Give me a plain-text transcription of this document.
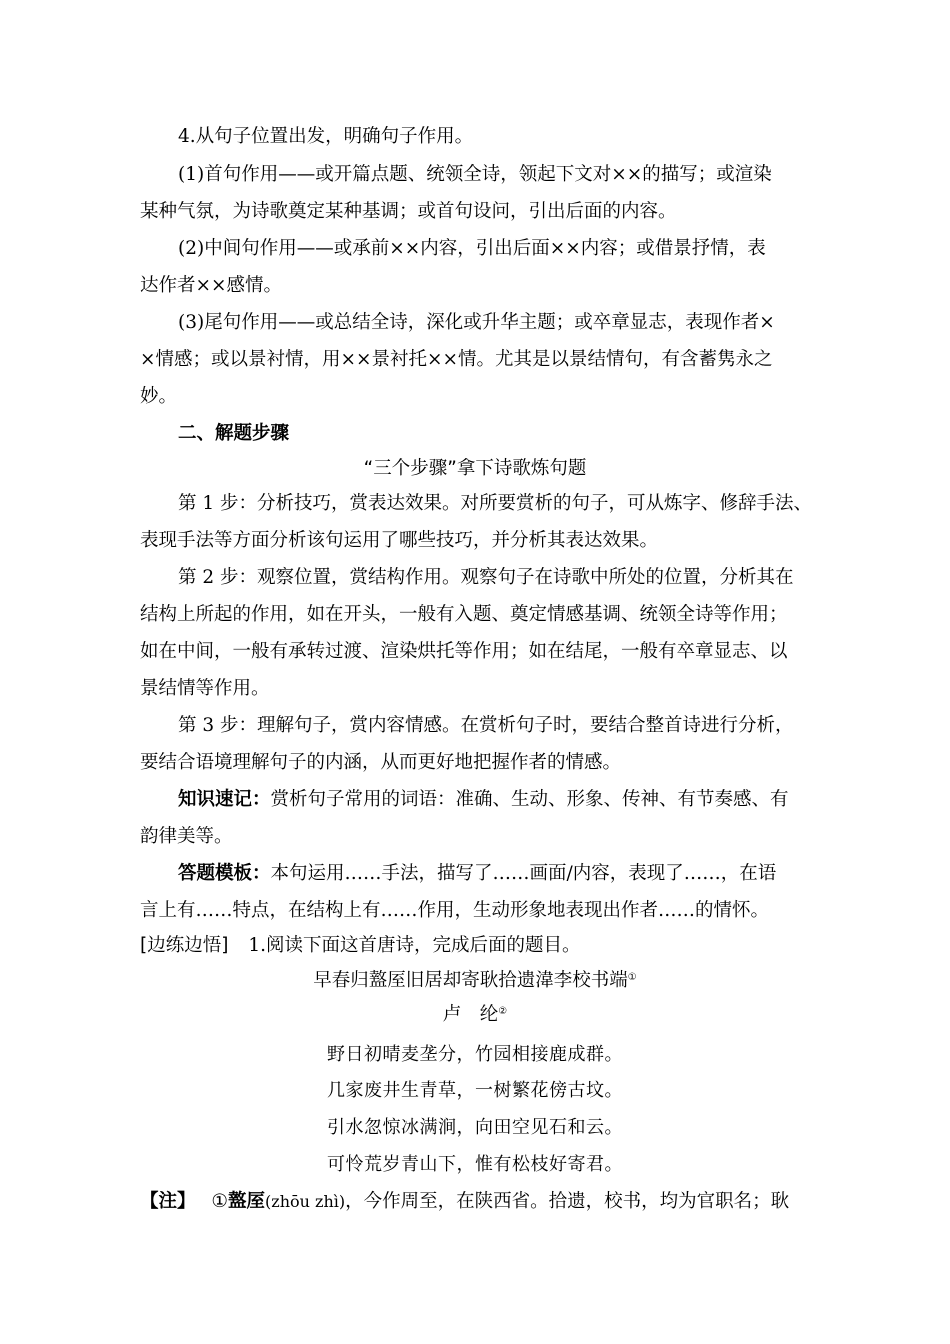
4.从句子位置出发，明确句子作用。
(1)首句作用——或开篇点题、统领全诗，领起下文对××的描写；或渲染
某种气氛，为诗歌奠定某种基调；或首句设问，引出后面的内容。
(2)中间句作用——或承前××内容，引出后面××内容；或借景抒情，表
达作者××感情。
(3)尾句作用——或总结全诗，深化或升华主题；或卒章显志，表现作者×
×情感；或以景衬情，用××景衬托××情。尤其是以景结情句，有含蓄隽永之
妙。
二、解题步骤
“三个步骤”拿下诗歌炼句题
第 1 步：分析技巧，赏表达效果。对所要赏析的句子，可从炼字、修辞手法、
表现手法等方面分析该句运用了哪些技巧，并分析其表达效果。
第 2 步：观察位置，赏结构作用。观察句子在诗歌中所处的位置，分析其在
结构上所起的作用，如在开头，一般有入题、奠定情感基调、统领全诗等作用；
如在中间，一般有承转过渡、渲染烘托等作用；如在结尾，一般有卒章显志、以
景结情等作用。
第 3 步：理解句子，赏内容情感。在赏析句子时，要结合整首诗进行分析，
要结合语境理解句子的内涵，从而更好地把握作者的情感。
知识速记：赏析句子常用的词语：准确、生动、形象、传神、有节奏感、有
韵律美等。
答题模板：本句运用……手法，描写了……画面/内容，表现了……，在语
言上有……特点，在结构上有……作用，生动形象地表现出作者……的情怀。
[边练边悟] 1.阅读下面这首唐诗，完成后面的题目。
早春归盩厔旧居却寄耿拾遗湋李校书端①
卢　纶②
野日初晴麦垄分，竹园相接鹿成群。
几家废井生青草，一树繁花傍古坟。
引水忽惊冰满涧，向田空见石和云。
可怜荒岁青山下，惟有松枝好寄君。
【注】 ①盩厔(zhōu zhì)，今作周至，在陕西省。拾遗，校书，均为官职名；耿
